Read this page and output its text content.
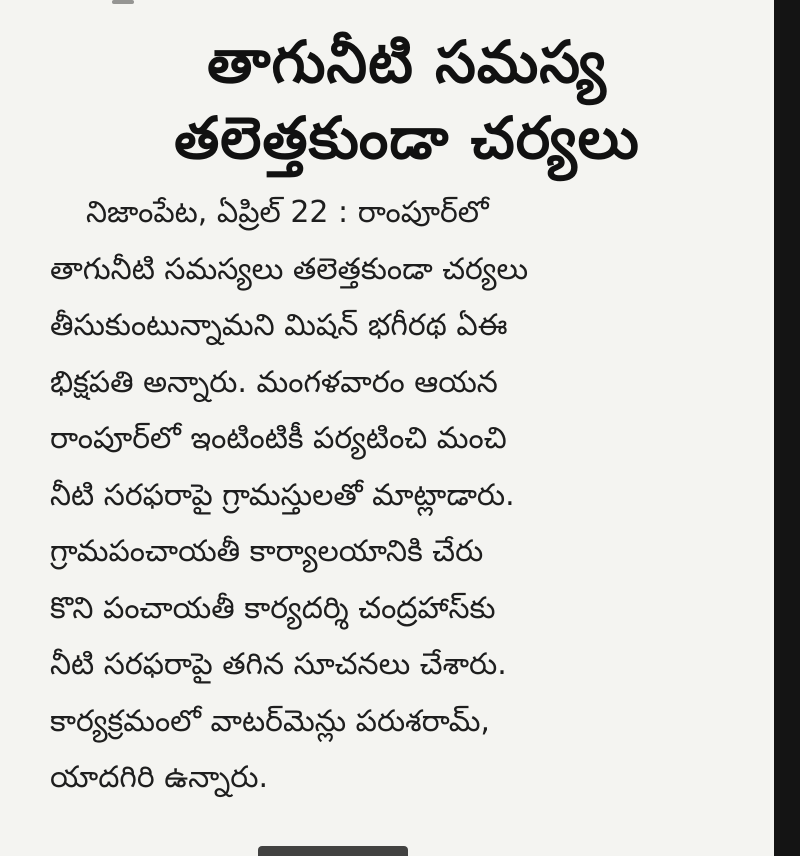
తాగునీటి సమస్య
తలెత్తకుండా చర్యలు
నిజాంపేట, ఏప్రిల్ 22 : రాంపూర్‌లో
తాగునీటి సమస్యలు తలెత్తకుండా చర్యలు
తీసుకుంటున్నామని మిషన్ భగీరథ ఏఈ
భిక్షపతి అన్నారు. మంగళవారం ఆయన
రాంపూర్‌లో ఇంటింటికీ పర్యటించి మంచి
నీటి సరఫరాపై గ్రామస్తులతో మాట్లాడారు.
గ్రామపంచాయతీ కార్యాలయానికి చేరు
కొని పంచాయతీ కార్యదర్శి చంద్రహాస్‌కు
నీటి సరఫరాపై తగిన సూచనలు చేశారు.
కార్యక్రమంలో వాటర్‌మెన్లు పరుశరామ్,
యాదగిరి ఉన్నారు.
